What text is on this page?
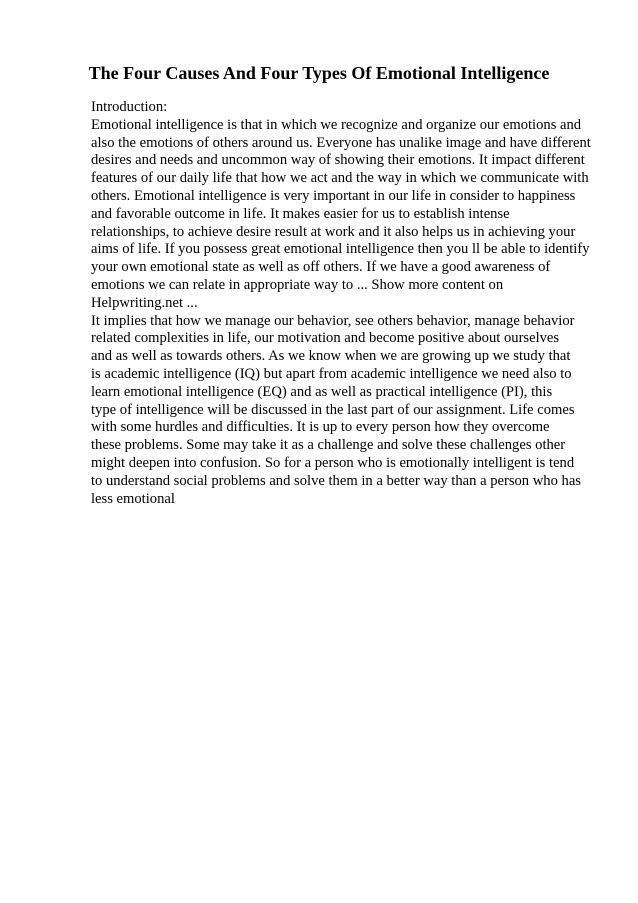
The Four Causes And Four Types Of Emotional Intelligence
Introduction:
Emotional intelligence is that in which we recognize and organize our emotions and
also the emotions of others around us. Everyone has unalike image and have different
desires and needs and uncommon way of showing their emotions. It impact different
features of our daily life that how we act and the way in which we communicate with
others. Emotional intelligence is very important in our life in consider to happiness
and favorable outcome in life. It makes easier for us to establish intense
relationships, to achieve desire result at work and it also helps us in achieving your
aims of life. If you possess great emotional intelligence then you ll be able to identify
your own emotional state as well as off others. If we have a good awareness of
emotions we can relate in appropriate way to ... Show more content on
Helpwriting.net ...
It implies that how we manage our behavior, see others behavior, manage behavior
related complexities in life, our motivation and become positive about ourselves
and as well as towards others. As we know when we are growing up we study that
is academic intelligence (IQ) but apart from academic intelligence we need also to
learn emotional intelligence (EQ) and as well as practical intelligence (PI), this
type of intelligence will be discussed in the last part of our assignment. Life comes
with some hurdles and difficulties. It is up to every person how they overcome
these problems. Some may take it as a challenge and solve these challenges other
might deepen into confusion. So for a person who is emotionally intelligent is tend
to understand social problems and solve them in a better way than a person who has
less emotional
